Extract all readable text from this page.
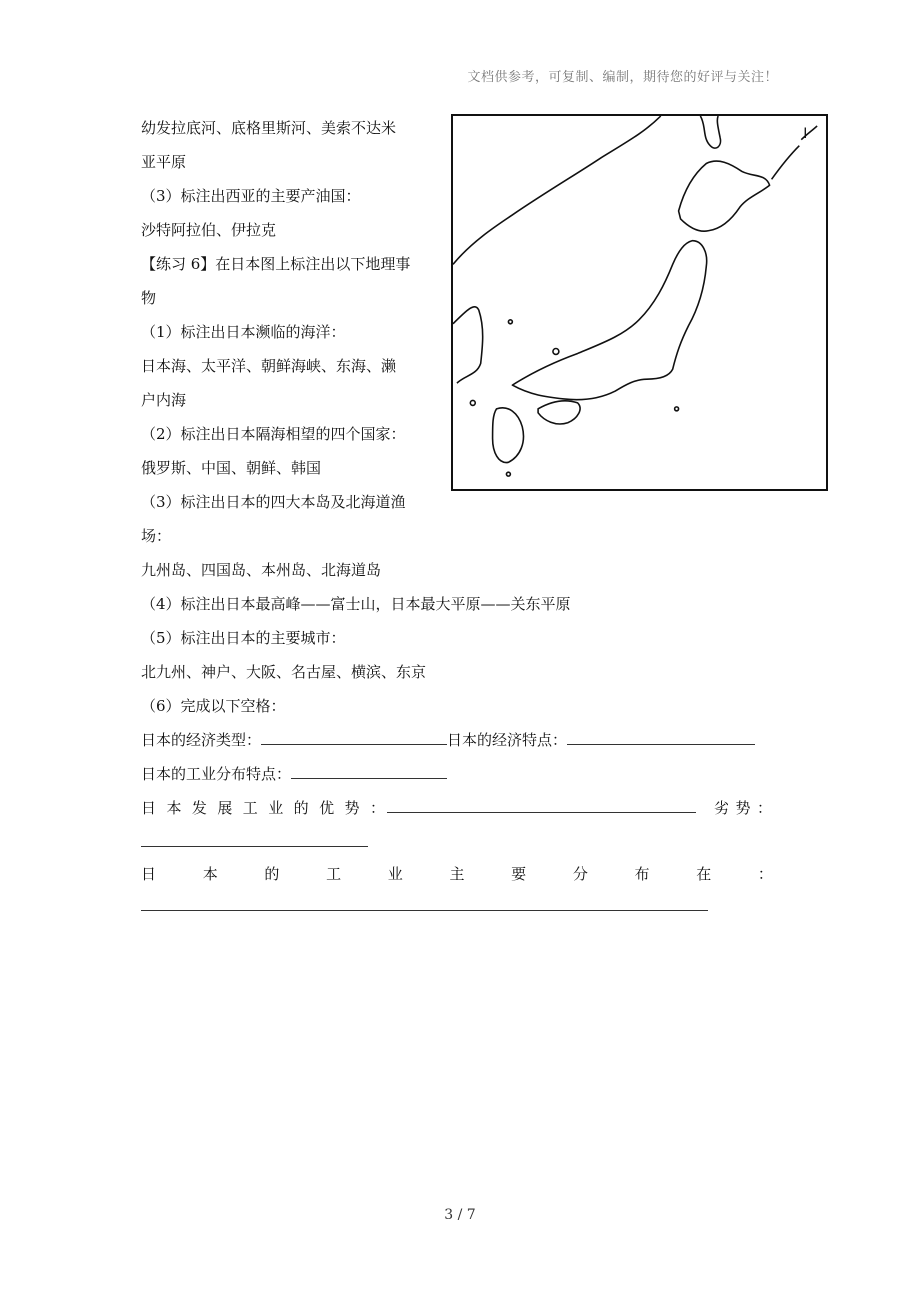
文档供参考，可复制、编制，期待您的好评与关注！
幼发拉底河、底格里斯河、美索不达米
亚平原
（3）标注出西亚的主要产油国：
沙特阿拉伯、伊拉克
【练习 6】在日本图上标注出以下地理事
物
（1）标注出日本濒临的海洋：
日本海、太平洋、朝鲜海峡、东海、濑
户内海
（2）标注出日本隔海相望的四个国家：
俄罗斯、中国、朝鲜、韩国
（3）标注出日本的四大本岛及北海道渔
场：
九州岛、四国岛、本州岛、北海道岛
（4）标注出日本最高峰——富士山，日本最大平原——关东平原
（5）标注出日本的主要城市：
北九州、神户、大阪、名古屋、横滨、东京
（6）完成以下空格：
日本的经济类型：	日本的经济特点：
日本的工业分布特点：
日 本 发 展 工 业 的 优 势 ：	劣 势 ：
日	本	的	工	业	主	要	分	布	在	：
I
3 / 7
